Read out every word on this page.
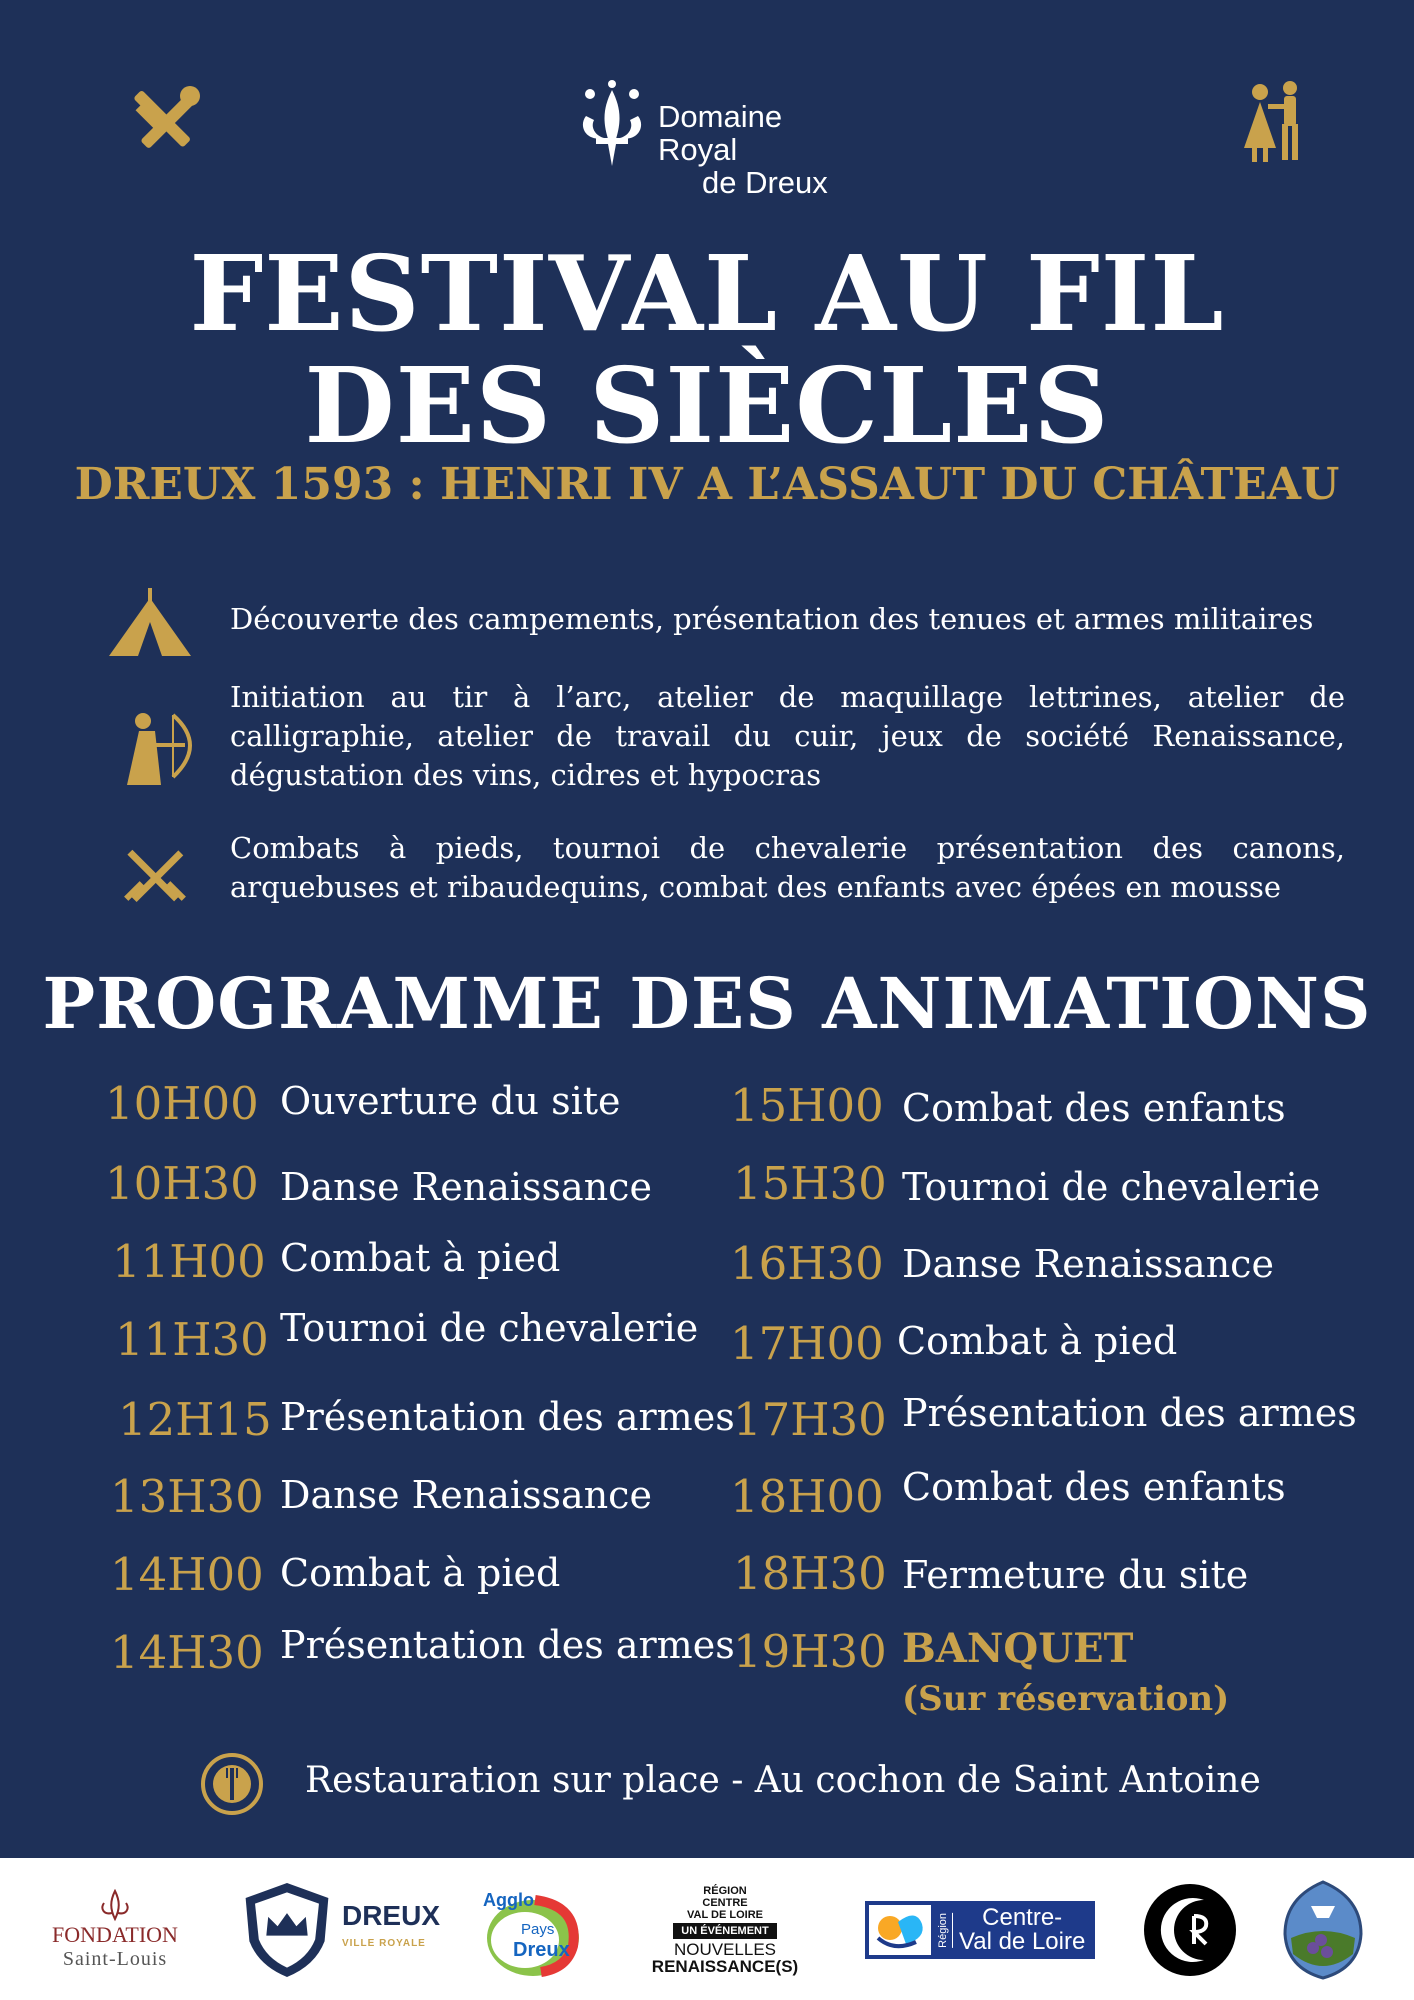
Domaine Royal
de Dreux
FESTIVAL AU FIL
DES SIÈCLES
DREUX 1593 : HENRI IV A L’ASSAUT DU CHÂTEAU
Découverte des campements, présentation des tenues et armes militaires
Initiation au tir à l’arc, atelier de maquillage lettrines, atelier de calligraphie, atelier de travail du cuir, jeux de société Renaissance, dégustation des vins, cidres et hypocras
Combats à pieds, tournoi de chevalerie présentation des canons, arquebuses et ribaudequins, combat des enfants avec épées en mousse
PROGRAMME DES ANIMATIONS
10H00 Ouverture du site
10H30 Danse Renaissance
11H00 Combat à pied
11H30 Tournoi de chevalerie
12H15 Présentation des armes
13H30 Danse Renaissance
14H00 Combat à pied
14H30 Présentation des armes
15H00 Combat des enfants
15H30 Tournoi de chevalerie
16H30 Danse Renaissance
17H00 Combat à pied
17H30 Présentation des armes
18H00 Combat des enfants
18H30 Fermeture du site
19H30 BANQUET
(Sur réservation)
Restauration sur place - Au cochon de Saint Antoine
FONDATION
Saint-Louis
DREUX
VILLE ROYALE
Agglo
Pays
Dreux
RÉGION
CENTRE
VAL DE LOIRE
UN ÉVÉNEMENT
NOUVELLES
RENAISSANCE(S)
Région	Centre-
Val de Loire
